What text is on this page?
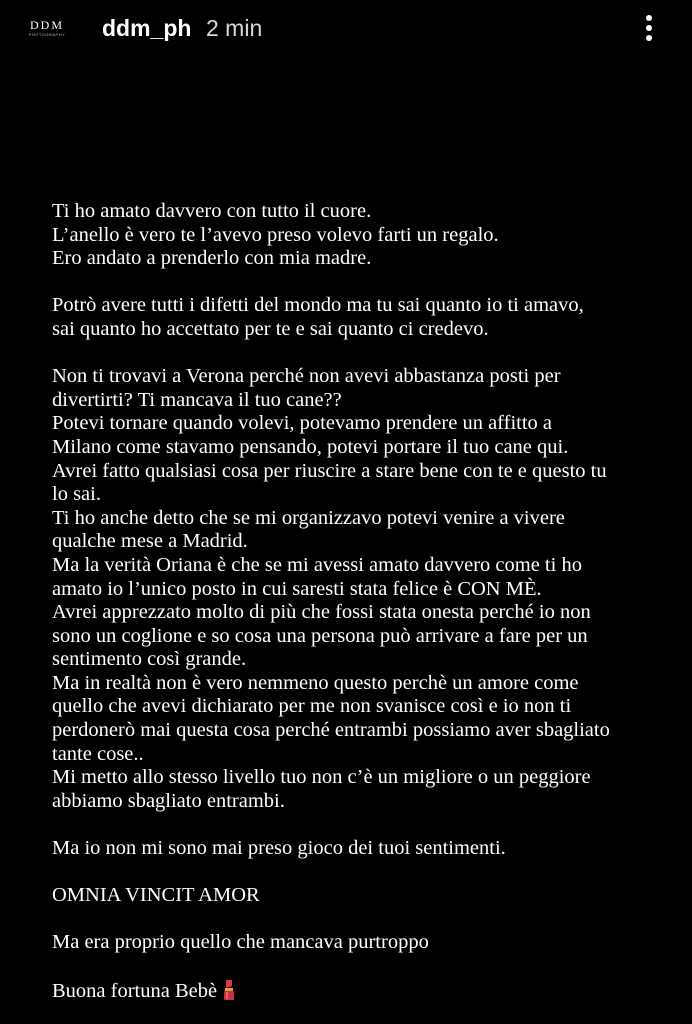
DDM
PHOTOGRAPHY ddm_ph 2 min

Ti ho amato davvero con tutto il cuore.
L’anello è vero te l’avevo preso volevo farti un regalo.
Ero andato a prenderlo con mia madre.

Potrò avere tutti i difetti del mondo ma tu sai quanto io ti amavo,
sai quanto ho accettato per te e sai quanto ci credevo.

Non ti trovavi a Verona perché non avevi abbastanza posti per
divertirti? Ti mancava il tuo cane??
Potevi tornare quando volevi, potevamo prendere un affitto a
Milano come stavamo pensando, potevi portare il tuo cane qui.
Avrei fatto qualsiasi cosa per riuscire a stare bene con te e questo tu
lo sai.
Ti ho anche detto che se mi organizzavo potevi venire a vivere
qualche mese a Madrid.
Ma la verità Oriana è che se mi avessi amato davvero come ti ho
amato io l’unico posto in cui saresti stata felice è CON MÈ.
Avrei apprezzato molto di più che fossi stata onesta perché io non
sono un coglione e so cosa una persona può arrivare a fare per un
sentimento così grande.
Ma in realtà non è vero nemmeno questo perchè un amore come
quello che avevi dichiarato per me non svanisce così e io non ti
perdonerò mai questa cosa perché entrambi possiamo aver sbagliato
tante cose..
Mi metto allo stesso livello tuo non c’è un migliore o un peggiore
abbiamo sbagliato entrambi.

Ma io non mi sono mai preso gioco dei tuoi sentimenti.

OMNIA VINCIT AMOR

Ma era proprio quello che mancava purtroppo

Buona fortuna Bebè
